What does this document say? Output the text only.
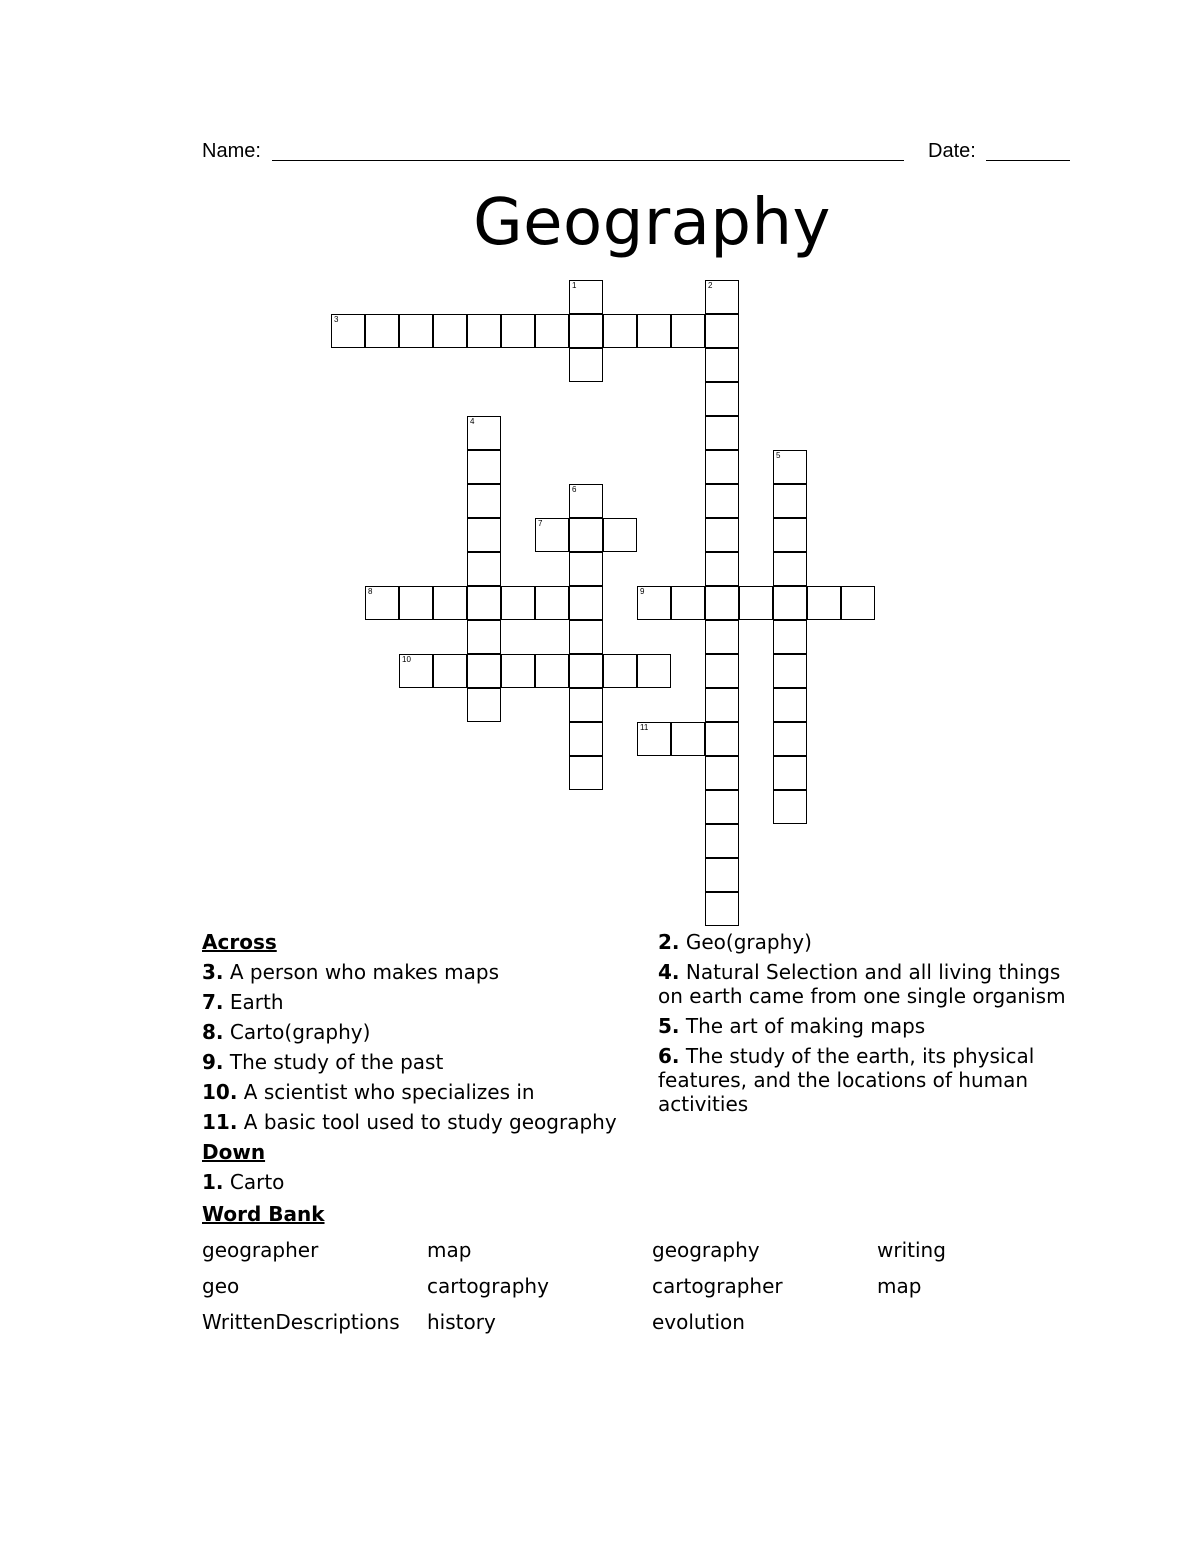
Name:	Date:
Geography
1	2
3
4
5
6
7
8	9
10
11
Across
3. A person who makes maps
7. Earth
8. Carto(graphy)
9. The study of the past
10. A scientist who specializes in
11. A basic tool used to study geography
Down
1. Carto
2. Geo(graphy)
4. Natural Selection and all living things on earth came from one single organism
5. The art of making maps
6. The study of the earth, its physical features, and the locations of human activities
Word Bank
geographer	map	geography	writing
geo	cartography	cartographer	map
WrittenDescriptions	history	evolution
